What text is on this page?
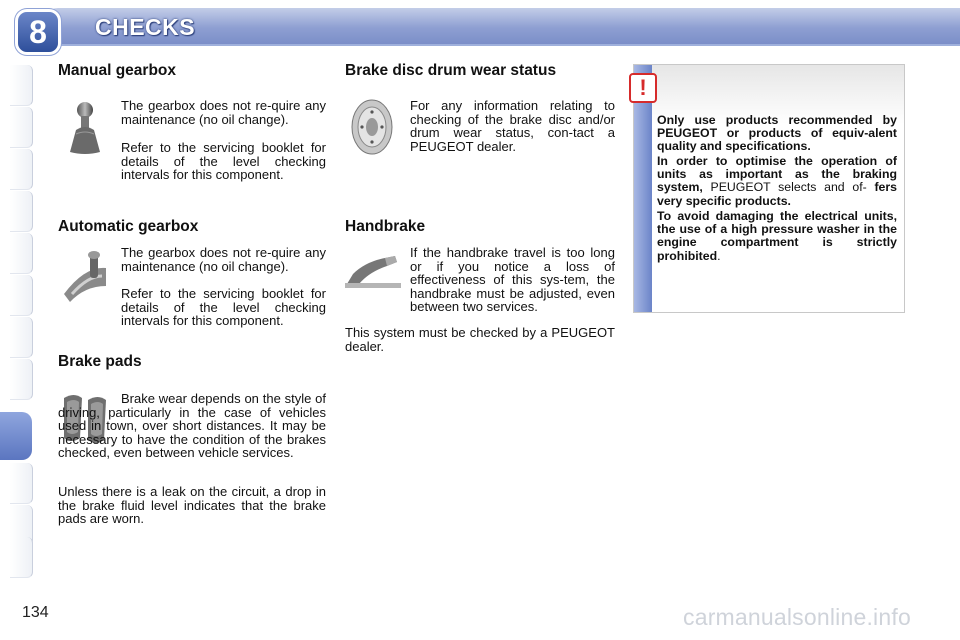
8	CHECKS
Manual gearbox

The gearbox does not re-quire any maintenance (no oil change).

Refer to the servicing booklet for details of the level checking intervals for this component.

Automatic gearbox

The gearbox does not re-quire any maintenance (no oil change).

Refer to the servicing booklet for details of the level checking intervals for this component.

Brake pads

Brake wear depends on the style of driving, particularly in the case of vehicles used in town, over short distances. It may be necessary to have the condition of the brakes checked, even between vehicle services.

Unless there is a leak on the circuit, a drop in the brake fluid level indicates that the brake pads are worn.

Brake disc drum wear status

For any information relating to checking of the brake disc and/or drum wear status, con-tact a PEUGEOT dealer.

Handbrake

If the handbrake travel is too long or if you notice a loss of effectiveness of this sys-tem, the handbrake must be adjusted, even between two services.

This system must be checked by a PEUGEOT dealer.

!

Only use products recommended by PEUGEOT or products of equiv-alent quality and specifications.

In order to optimise the operation of units as important as the braking system, PEUGEOT selects and of- fers very specific products.

To avoid damaging the electrical units, the use of a high pressure washer in the engine compartment is strictly prohibited.

134	carmanualsonline.info
